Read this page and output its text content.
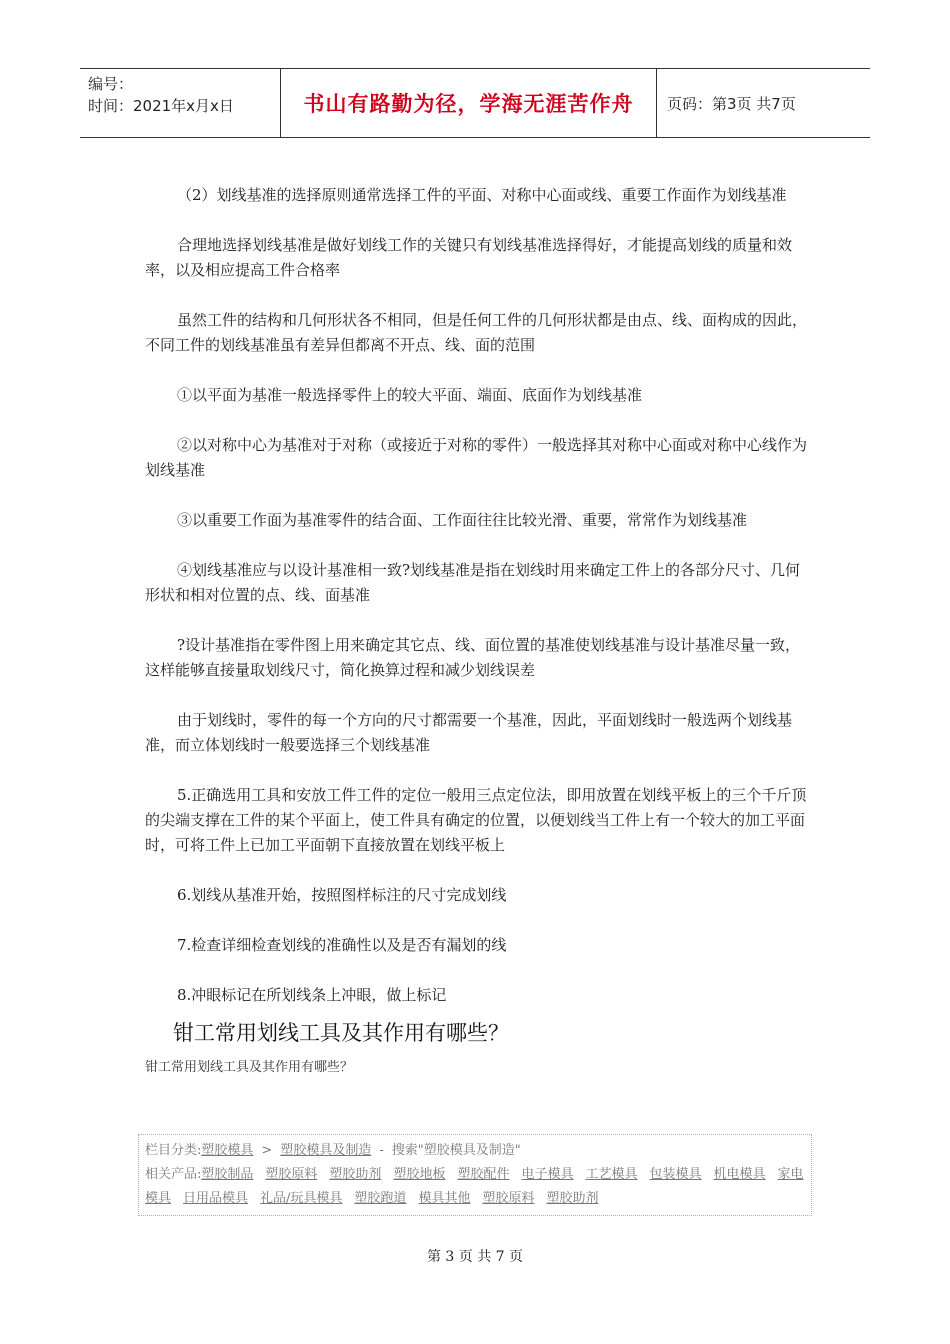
编号：
时间：2021年x月x日	书山有路勤为径，学海无涯苦作舟	页码：第3页 共7页

（2）划线基准的选择原则通常选择工件的平面、对称中心面或线、重要工作面作为划线基准

合理地选择划线基准是做好划线工作的关键只有划线基准选择得好，才能提高划线的质量和效率，以及相应提高工件合格率

虽然工件的结构和几何形状各不相同，但是任何工件的几何形状都是由点、线、面构成的因此，不同工件的划线基准虽有差异但都离不开点、线、面的范围

①以平面为基准一般选择零件上的较大平面、端面、底面作为划线基准

②以对称中心为基准对于对称（或接近于对称的零件）一般选择其对称中心面或对称中心线作为划线基准

③以重要工作面为基准零件的结合面、工作面往往比较光滑、重要，常常作为划线基准

④划线基准应与以设计基准相一致?划线基准是指在划线时用来确定工件上的各部分尺寸、几何形状和相对位置的点、线、面基准

?设计基准指在零件图上用来确定其它点、线、面位置的基准使划线基准与设计基准尽量一致，这样能够直接量取划线尺寸，简化换算过程和减少划线误差

由于划线时，零件的每一个方向的尺寸都需要一个基准，因此，平面划线时一般选两个划线基准，而立体划线时一般要选择三个划线基准

5.正确选用工具和安放工件工件的定位一般用三点定位法，即用放置在划线平板上的三个千斤顶的尖端支撑在工件的某个平面上，使工件具有确定的位置，以便划线当工件上有一个较大的加工平面时，可将工件上已加工平面朝下直接放置在划线平板上

6.划线从基准开始，按照图样标注的尺寸完成划线

7.检查详细检查划线的准确性以及是否有漏划的线

8.冲眼标记在所划线条上冲眼，做上标记

钳工常用划线工具及其作用有哪些？
钳工常用划线工具及其作用有哪些？
栏目分类:塑胶模具 > 塑胶模具及制造 - 搜索"塑胶模具及制造"
相关产品:塑胶制品 塑胶原料 塑胶助剂 塑胶地板 塑胶配件 电子模具 工艺模具 包装模具 机电模具 家电模具 日用品模具 礼品/玩具模具 塑胶跑道 模具其他 塑胶原料 塑胶助剂
第 3 页 共 7 页
